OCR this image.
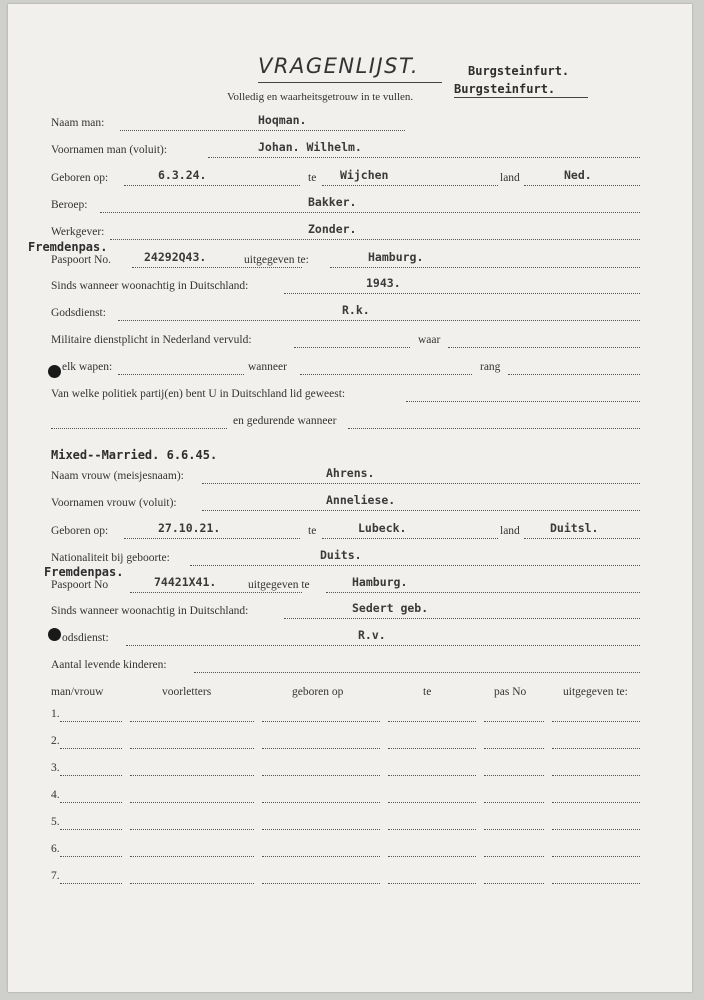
VRAGENLIJST.
Volledig en waarheitsgetrouw in te vullen.
Burgsteinfurt.
Burgsteinfurt.
Naam man:	Hoqman.
Voornamen man (voluit):	Johan. Wilhelm.
Geboren op:	6.3.24.	te Wijchen	land	Ned.
Beroep:	Bakker.
Werkgever:	Zonder.
Fremdenpas.
Paspoort No.	24292Q43.	uitgegeven te:	Hamburg.
Sinds wanneer woonachtig in Duitschland:	1943.
Godsdienst:	R.k.
Militaire dienstplicht in Nederland vervuld:	waar
elk wapen:	wanneer	rang
Van welke politiek partij(en) bent U in Duitschland lid geweest:
en gedurende wanneer
Mixed--Married. 6.6.45.
Naam vrouw (meisjesnaam):	Ahrens.
Voornamen vrouw (voluit):	Anneliese.
Geboren op:	27.10.21.	te	Lubeck.	land	Duitsl.
Nationaliteit bij geboorte:	Duits.
Fremdenpas.
Paspoort No	74421X41.	uitgegeven te	Hamburg.
Sinds wanneer woonachtig in Duitschland:	Sedert geb.
odsdienst:	R.v.
Aantal levende kinderen:
man/vrouw	voorletters	geboren op	te	pas No	uitgegeven te:
1.
2.
3.
4.
5.
6.
7.
